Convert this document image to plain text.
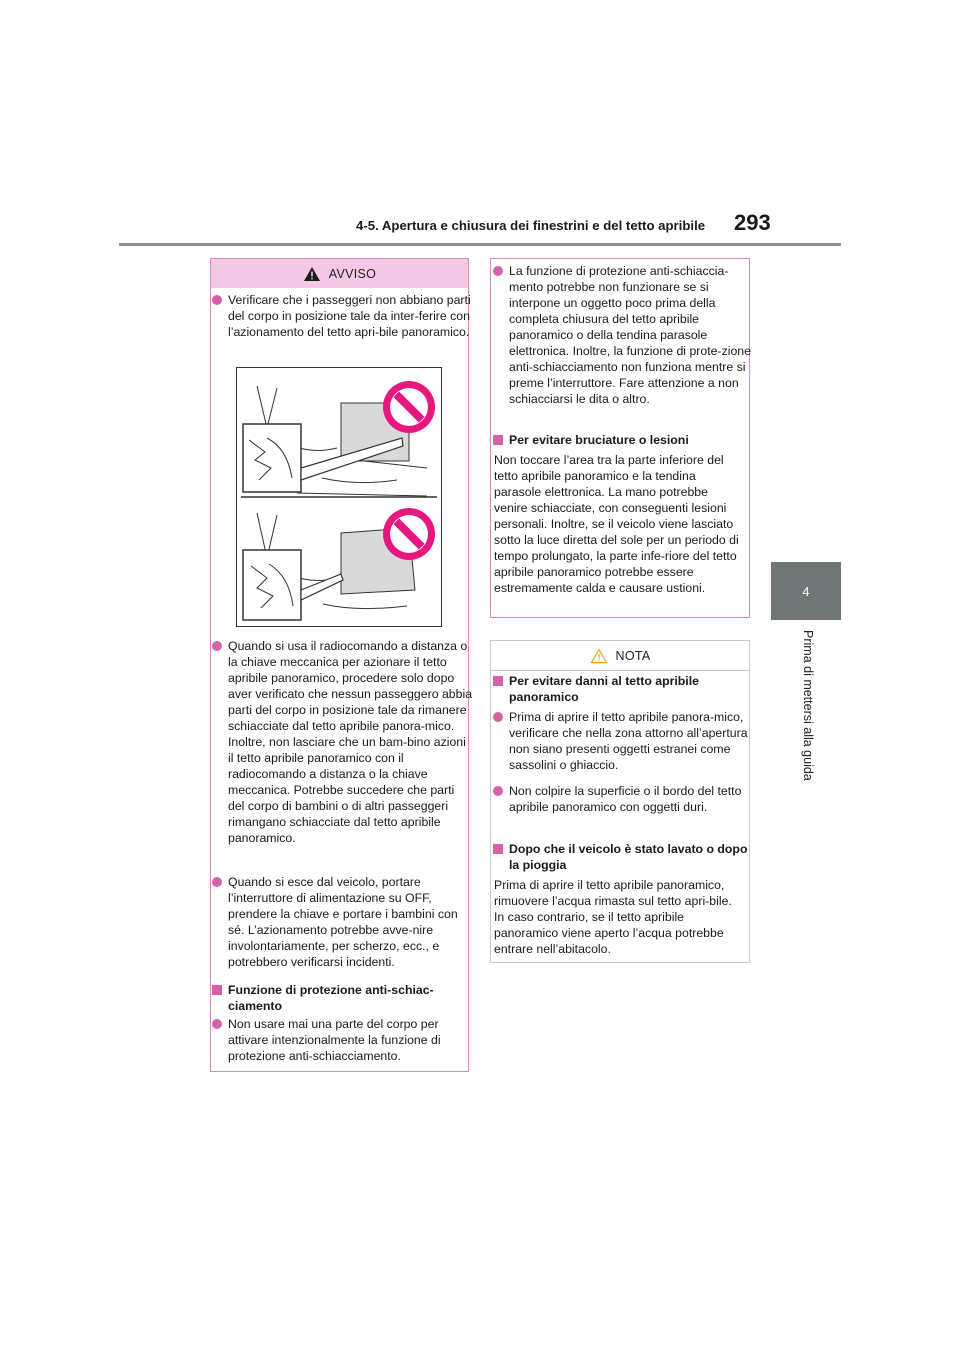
4-5. Apertura e chiusura dei finestrini e del tetto apribile 293
4
Prima di mettersi alla guida
AVVISO
Verificare che i passeggeri non abbiano parti del corpo in posizione tale da inter-ferire con l’azionamento del tetto apri-bile panoramico.
Quando si usa il radiocomando a distanza o la chiave meccanica per azionare il tetto apribile panoramico, procedere solo dopo aver verificato che nessun passeggero abbia parti del corpo in posizione tale da rimanere schiacciate dal tetto apribile panora-mico. Inoltre, non lasciare che un bam-bino azioni il tetto apribile panoramico con il radiocomando a distanza o la chiave meccanica. Potrebbe succedere che parti del corpo di bambini o di altri passeggeri rimangano schiacciate dal tetto apribile panoramico.
Quando si esce dal veicolo, portare l’interruttore di alimentazione su OFF, prendere la chiave e portare i bambini con sé. L’azionamento potrebbe avve-nire involontariamente, per scherzo, ecc., e potrebbero verificarsi incidenti.
Funzione di protezione anti-schiac-ciamento
Non usare mai una parte del corpo per attivare intenzionalmente la funzione di protezione anti-schiacciamento.
La funzione di protezione anti-schiaccia-mento potrebbe non funzionare se si interpone un oggetto poco prima della completa chiusura del tetto apribile panoramico o della tendina parasole elettronica. Inoltre, la funzione di prote-zione anti-schiacciamento non funziona mentre si preme l’interruttore. Fare attenzione a non schiacciarsi le dita o altro.
Per evitare bruciature o lesioni
Non toccare l’area tra la parte inferiore del tetto apribile panoramico e la tendina parasole elettronica. La mano potrebbe venire schiacciate, con conseguenti lesioni personali. Inoltre, se il veicolo viene lasciato sotto la luce diretta del sole per un periodo di tempo prolungato, la parte infe-riore del tetto apribile panoramico potrebbe essere estremamente calda e causare ustioni.
NOTA
Per evitare danni al tetto apribile panoramico
Prima di aprire il tetto apribile panora-mico, verificare che nella zona attorno all’apertura non siano presenti oggetti estranei come sassolini o ghiaccio.
Non colpire la superficie o il bordo del tetto apribile panoramico con oggetti duri.
Dopo che il veicolo è stato lavato o dopo la pioggia
Prima di aprire il tetto apribile panoramico, rimuovere l’acqua rimasta sul tetto apri-bile. In caso contrario, se il tetto apribile panoramico viene aperto l’acqua potrebbe entrare nell’abitacolo.
